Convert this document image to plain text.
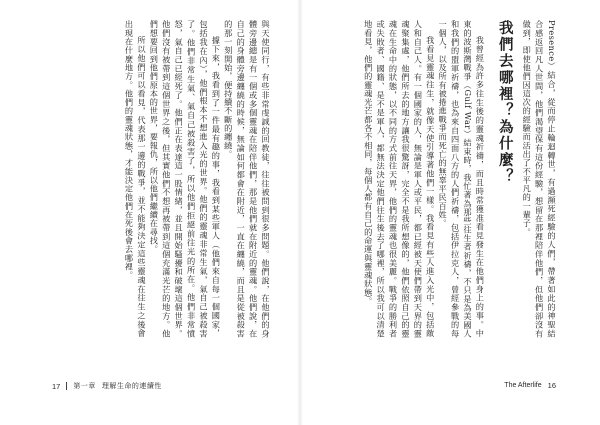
與天使同行，有些非常虔誠的回教徒，往往被問到很多問題。他們說，在他們的身體旁邊總是有一個或多個靈魂在陪伴他們，那是他們就在附近的靈魂。他們說，在自己的身體旁邊纏繞的時候，無論如何都會在附近，一直在纏繞，而且是從被殺害的那一刻開始，便持續不斷的纏繞。

據下來，我看到了一件最有趣的事，我看到某些軍人（他們來自每一個國家，包括我在內），他們根本不想進入光的世界。他們的靈魂非常生氣，氣自己被殺害了。他們非常生氣、氣自己被殺害了，所以他們拒絕前往光的所在。他們非常憤怒，氣自己已經死了。他們正在表達這一股情緒，並且開始騷擾和破壞這個世界。他們沒有被帶到這個世界之後，但其實他們不想再被帶到這個充滿光芒的地方。他們想要回到他們原本的世界，要報仇，所以他們繼續在尋找。

所以他們可以看見，代表那一邊的戰爭，並不能夠決定這些靈魂在往生之後會出現在什麼地方。他們的靈魂狀態，才能決定他們在死後會去哪裡。

17 第一章 理解生命的連續性

Presence）結合，從而停止輪迴轉世，有過瀕死經驗的人們，帶著如此的神聖結合感返回凡人世間，他們渴望保有這份經驗，想留在那裡陪伴他們，但他們卻沒有做到，即使他們因這次的經驗而活出了不平凡的一輩子。

我們去哪裡？為什麼？

我曾經為許多往生後的靈魂祈禱，而且時常獲准看見發生在他們身上的事。中東的波斯灣戰爭（Gulf War）結束時，我忙著為那些往生者祈禱，不只是為美國人和我們的盟軍祈禱，也為來自四面八方的人們祈禱，包括伊拉克人，曾經參戰的每一個人，以及所有被捲進戰爭而死亡的無辜平民百姓。

我看見靈魂往生，就像天使引導著他們一樣。我看見有些人進入光中，包括敵人和自己人。有一個國家的人，無論是軍人或平民，都已經被天使們帶到天界的靈魂聚集處，他們所去的地方讓我很驚訝，完全不是我所想像的，他們依照自己的靈魂在生命中的狀態，以不同的方式前往天界，他們的靈魂也很美麗。戰爭的勝利者或失敗者、國籍、是不是軍人，都無法決定他們往生後去了哪裡，所以我可以清楚地看見，他們的靈魂光芒都各不相同，每個人都有自己的命運與靈魂狀態。

The Afterlife 16
